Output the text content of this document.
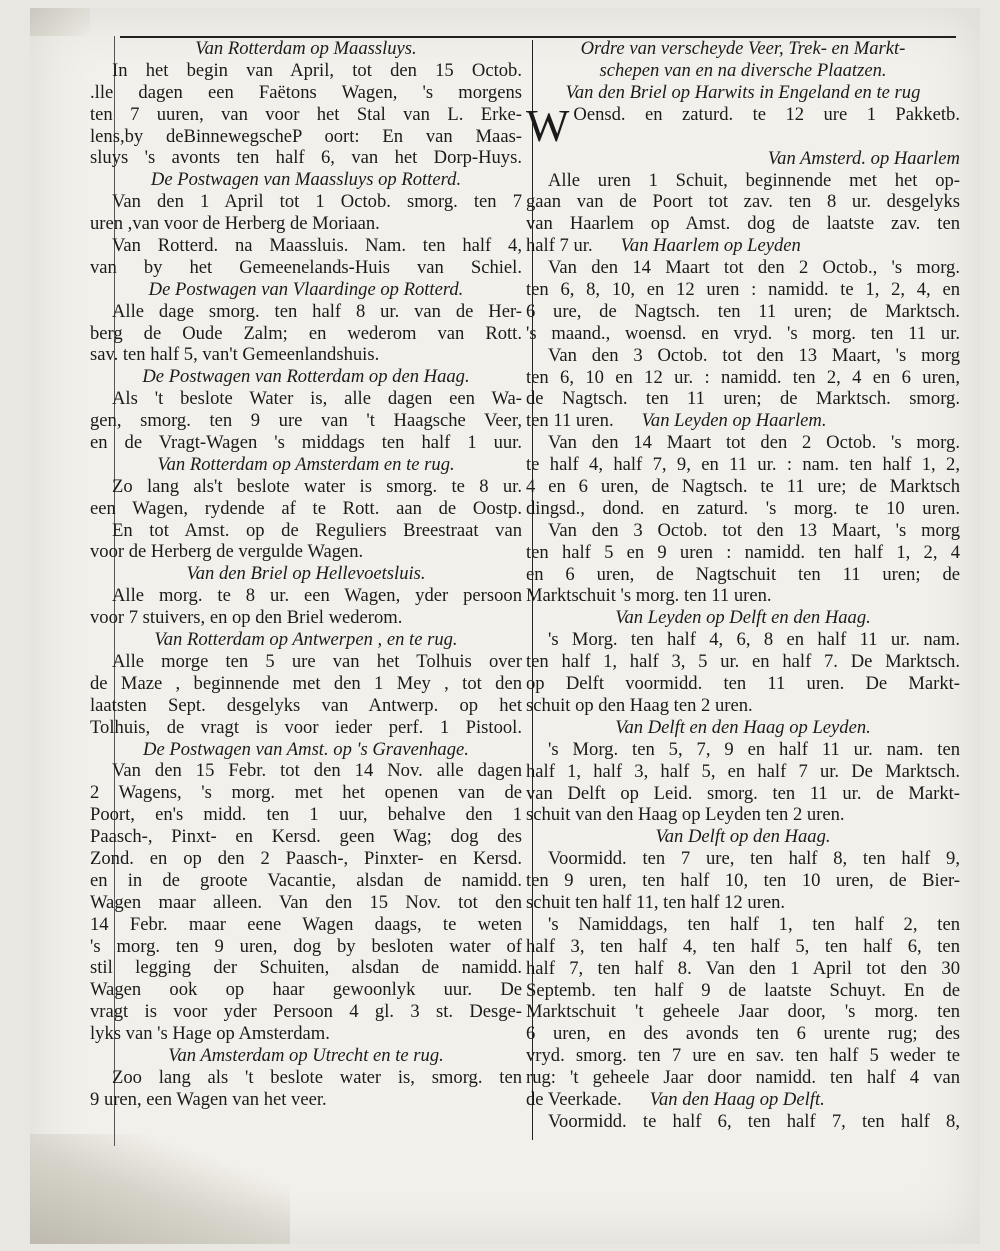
Van Rotterdam op Maassluys.
In het begin van April, tot den 15 Octob.
.lle dagen een Faëtons Wagen, 's morgens
ten 7 uuren, van voor het Stal van L. Erke-
lens,by deBinnewegscheP oort: En van Maas-
sluys 's avonts ten half 6, van het Dorp-Huys.
De Postwagen van Maassluys op Rotterd.
Van den 1 April tot 1 Octob. smorg. ten 7
uren ,van voor de Herberg de Moriaan.
Van Rotterd. na Maassluis. Nam. ten half 4,
van by het Gemeenelands-Huis van Schiel.
De Postwagen van Vlaardinge op Rotterd.
Alle dage smorg. ten half 8 ur. van de Her-
berg de Oude Zalm; en wederom van Rott.
sav. ten half 5, van't Gemeenlandshuis.
De Postwagen van Rotterdam op den Haag.
Als 't beslote Water is, alle dagen een Wa-
gen, smorg. ten 9 ure van 't Haagsche Veer,
en de Vragt-Wagen 's middags ten half 1 uur.
Van Rotterdam op Amsterdam en te rug.
Zo lang als't beslote water is smorg. te 8 ur.
een Wagen, rydende af te Rott. aan de Oostp.
En tot Amst. op de Reguliers Breestraat van
voor de Herberg de vergulde Wagen.
Van den Briel op Hellevoetsluis.
Alle morg. te 8 ur. een Wagen, yder persoon
voor 7 stuivers, en op den Briel wederom.
Van Rotterdam op Antwerpen , en te rug.
Alle morge ten 5 ure van het Tolhuis over
de Maze , beginnende met den 1 Mey , tot den
laatsten Sept. desgelyks van Antwerp. op het
Tolhuis, de vragt is voor ieder perf. 1 Pistool.
De Postwagen van Amst. op 's Gravenhage.
Van den 15 Febr. tot den 14 Nov. alle dagen
2 Wagens, 's morg. met het openen van de
Poort, en's midd. ten 1 uur, behalve den 1
Paasch-, Pinxt- en Kersd. geen Wag; dog des
Zond. en op den 2 Paasch-, Pinxter- en Kersd.
en in de groote Vacantie, alsdan de namidd.
Wagen maar alleen. Van den 15 Nov. tot den
14 Febr. maar eene Wagen daags, te weten
's morg. ten 9 uren, dog by besloten water of
stil legging der Schuiten, alsdan de namidd.
Wagen ook op haar gewoonlyk uur. De
vragt is voor yder Persoon 4 gl. 3 st. Desge-
lyks van 's Hage op Amsterdam.
Van Amsterdam op Utrecht en te rug.
Zoo lang als 't beslote water is, smorg. ten
9 uren, een Wagen van het veer.
Ordre van verscheyde Veer, Trek- en Markt-
schepen van en na diversche Plaatzen.
Van den Briel op Harwits in Engeland en te rug
W Oensd. en zaturd. te 12 ure 1 Pakketb.
Van Amsterd. op Haarlem
Alle uren 1 Schuit, beginnende met het op-
gaan van de Poort tot zav. ten 8 ur. desgelyks
van Haarlem op Amst. dog de laatste zav. ten
half 7 ur. Van Haarlem op Leyden
Van den 14 Maart tot den 2 Octob., 's morg.
ten 6, 8, 10, en 12 uren : namidd. te 1, 2, 4, en
6 ure, de Nagtsch. ten 11 uren; de Marktsch.
's maand., woensd. en vryd. 's morg. ten 11 ur.
Van den 3 Octob. tot den 13 Maart, 's morg
ten 6, 10 en 12 ur. : namidd. ten 2, 4 en 6 uren,
de Nagtsch. ten 11 uren; de Marktsch. smorg.
ten 11 uren. Van Leyden op Haarlem.
Van den 14 Maart tot den 2 Octob. 's morg.
te half 4, half 7, 9, en 11 ur. : nam. ten half 1, 2,
4 en 6 uren, de Nagtsch. te 11 ure; de Marktsch
dingsd., dond. en zaturd. 's morg. te 10 uren.
Van den 3 Octob. tot den 13 Maart, 's morg
ten half 5 en 9 uren : namidd. ten half 1, 2, 4
en 6 uren, de Nagtschuit ten 11 uren; de
Marktschuit 's morg. ten 11 uren.
Van Leyden op Delft en den Haag.
's Morg. ten half 4, 6, 8 en half 11 ur. nam.
ten half 1, half 3, 5 ur. en half 7. De Marktsch.
op Delft voormidd. ten 11 uren. De Markt-
schuit op den Haag ten 2 uren.
Van Delft en den Haag op Leyden.
's Morg. ten 5, 7, 9 en half 11 ur. nam. ten
half 1, half 3, half 5, en half 7 ur. De Marktsch.
van Delft op Leid. smorg. ten 11 ur. de Markt-
schuit van den Haag op Leyden ten 2 uren.
Van Delft op den Haag.
Voormidd. ten 7 ure, ten half 8, ten half 9,
ten 9 uren, ten half 10, ten 10 uren, de Bier-
schuit ten half 11, ten half 12 uren.
's Namiddags, ten half 1, ten half 2, ten
half 3, ten half 4, ten half 5, ten half 6, ten
half 7, ten half 8. Van den 1 April tot den 30
Septemb. ten half 9 de laatste Schuyt. En de
Marktschuit 't geheele Jaar door, 's morg. ten
6 uren, en des avonds ten 6 urente rug; des
vryd. smorg. ten 7 ure en sav. ten half 5 weder te
rug: 't geheele Jaar door namidd. ten half 4 van
de Veerkade. Van den Haag op Delft.
Voormidd. te half 6, ten half 7, ten half 8,
